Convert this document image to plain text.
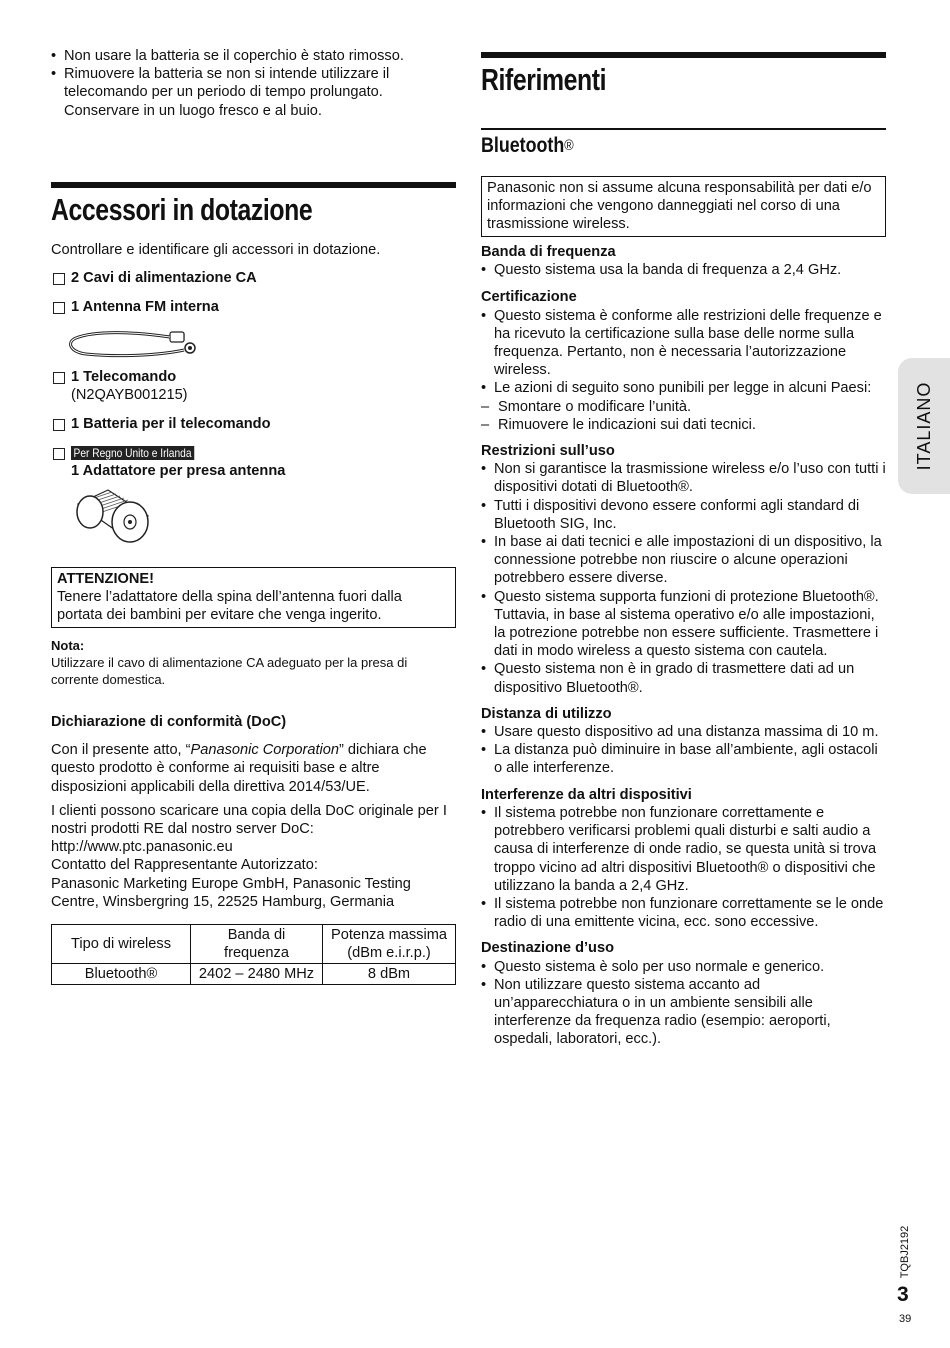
• Non usare la batteria se il coperchio è stato rimosso.
• Rimuovere la batteria se non si intende utilizzare il telecomando per un periodo di tempo prolungato. Conservare in un luogo fresco e al buio.
Accessori in dotazione
Controllare e identificare gli accessori in dotazione.
2 Cavi di alimentazione CA
1 Antenna FM interna
1 Telecomando
(N2QAYB001215)
1 Batteria per il telecomando
Per Regno Unito e Irlanda
1 Adattatore per presa antenna
ATTENZIONE!
Tenere l’adattatore della spina dell’antenna fuori dalla portata dei bambini per evitare che venga ingerito.
Nota:
Utilizzare il cavo di alimentazione CA adeguato per la presa di corrente domestica.
Dichiarazione di conformità (DoC)
Con il presente atto, “Panasonic Corporation” dichiara che questo prodotto è conforme ai requisiti base e altre disposizioni applicabili della direttiva 2014/53/UE.
I clienti possono scaricare una copia della DoC originale per I nostri prodotti RE dal nostro server DoC:
http://www.ptc.panasonic.eu
Contatto del Rappresentante Autorizzato:
Panasonic Marketing Europe GmbH, Panasonic Testing Centre, Winsbergring 15, 22525 Hamburg, Germania
Tipo di wireless	Banda di frequenza	Potenza massima (dBm e.i.r.p.)
Bluetooth®	2402 – 2480 MHz	8 dBm
Riferimenti
Bluetooth®
Panasonic non si assume alcuna responsabilità per dati e/o informazioni che vengono danneggiati nel corso di una trasmissione wireless.
Banda di frequenza
• Questo sistema usa la banda di frequenza a 2,4 GHz.
Certificazione
• Questo sistema è conforme alle restrizioni delle frequenze e ha ricevuto la certificazione sulla base delle norme sulla frequenza. Pertanto, non è necessaria l’autorizzazione wireless.
• Le azioni di seguito sono punibili per legge in alcuni Paesi:
– Smontare o modificare l’unità.
– Rimuovere le indicazioni sui dati tecnici.
Restrizioni sull’uso
• Non si garantisce la trasmissione wireless e/o l’uso con tutti i dispositivi dotati di Bluetooth®.
• Tutti i dispositivi devono essere conformi agli standard di Bluetooth SIG, Inc.
• In base ai dati tecnici e alle impostazioni di un dispositivo, la connessione potrebbe non riuscire o alcune operazioni potrebbero essere diverse.
• Questo sistema supporta funzioni di protezione Bluetooth®. Tuttavia, in base al sistema operativo e/o alle impostazioni, la potrezione potrebbe non essere sufficiente. Trasmettere i dati in modo wireless a questo sistema con cautela.
• Questo sistema non è in grado di trasmettere dati ad un dispositivo Bluetooth®.
Distanza di utilizzo
• Usare questo dispositivo ad una distanza massima di 10 m.
• La distanza può diminuire in base all’ambiente, agli ostacoli o alle interferenze.
Interferenze da altri dispositivi
• Il sistema potrebbe non funzionare correttamente e potrebbero verificarsi problemi quali disturbi e salti audio a causa di interferenze di onde radio, se questa unità si trova troppo vicino ad altri dispositivi Bluetooth® o dispositivi che utilizzano la banda a 2,4 GHz.
• Il sistema potrebbe non funzionare correttamente se le onde radio di una emittente vicina, ecc. sono eccessive.
Destinazione d’uso
• Questo sistema è solo per uso normale e generico.
• Non utilizzare questo sistema accanto ad un’apparecchiatura o in un ambiente sensibili alle interferenze da frequenza radio (esempio: aeroporti, ospedali, laboratori, ecc.).
ITALIANO
TQBJ2192
3
39
